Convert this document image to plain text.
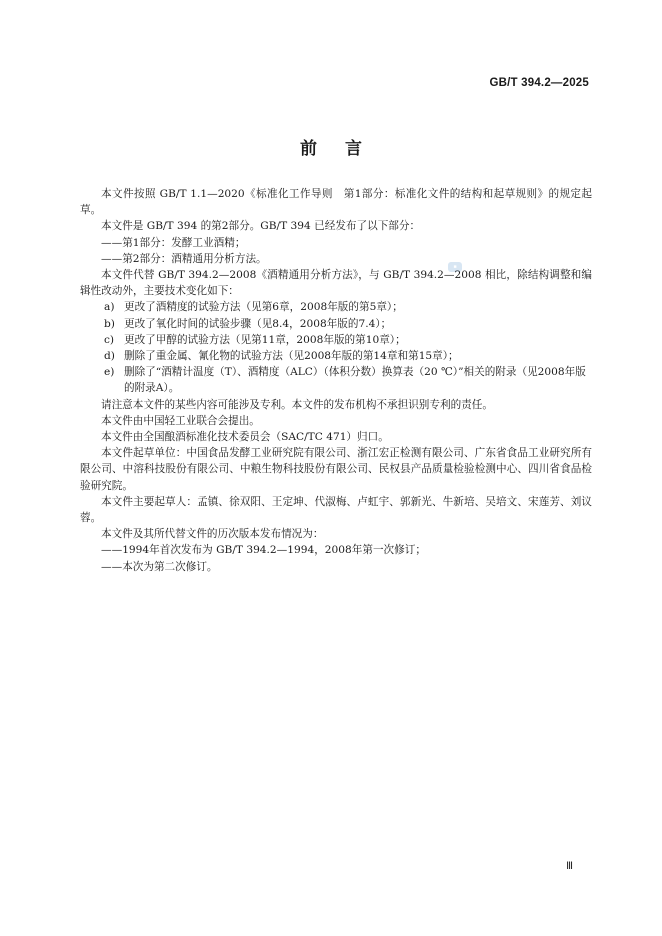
GB/T 394.2—2025
前言
■

本文件按照 GB/T 1.1—2020《标准化工作导则　第1部分：标准化文件的结构和起草规则》的规定起草。

本文件是 GB/T 394 的第2部分。GB/T 394 已经发布了以下部分：

——第1部分：发酵工业酒精；

——第2部分：酒精通用分析方法。

本文件代替 GB/T 394.2—2008《酒精通用分析方法》，与 GB/T 394.2—2008 相比，除结构调整和编辑性改动外，主要技术变化如下：

a) 更改了酒精度的试验方法（见第6章，2008年版的第5章）；
b) 更改了氧化时间的试验步骤（见8.4，2008年版的7.4）；
c) 更改了甲醇的试验方法（见第11章，2008年版的第10章）；
d) 删除了重金属、氰化物的试验方法（见2008年版的第14章和第15章）；
e) 删除了“酒精计温度（T）、酒精度（ALC）（体积分数）换算表（20 ℃）”相关的附录（见2008年版的附录A）。

请注意本文件的某些内容可能涉及专利。本文件的发布机构不承担识别专利的责任。

本文件由中国轻工业联合会提出。

本文件由全国酿酒标准化技术委员会（SAC/TC 471）归口。

本文件起草单位：中国食品发酵工业研究院有限公司、浙江宏正检测有限公司、广东省食品工业研究所有限公司、中溶科技股份有限公司、中粮生物科技股份有限公司、民权县产品质量检验检测中心、四川省食品检验研究院。

本文件主要起草人：孟镇、徐双阳、王定坤、代淑梅、卢虹宇、郭新光、牛新培、吴培文、宋莲芳、刘议蓉。

本文件及其所代替文件的历次版本发布情况为：

——1994年首次发布为 GB/T 394.2—1994，2008年第一次修订；

——本次为第二次修订。

Ⅲ
